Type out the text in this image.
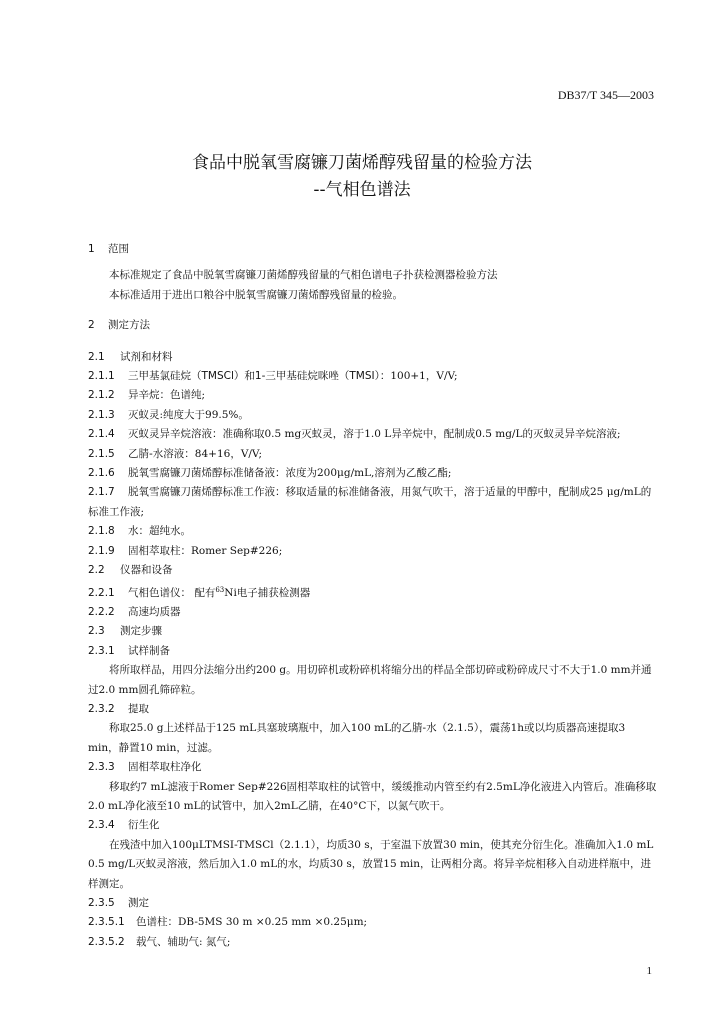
DB37/T 345—2003
食品中脱氧雪腐镰刀菌烯醇残留量的检验方法
--气相色谱法
1 范围
本标准规定了食品中脱氧雪腐镰刀菌烯醇残留量的气相色谱电子扑获检测器检验方法
本标准适用于进出口粮谷中脱氧雪腐镰刀菌烯醇残留量的检验。
2 测定方法
2.1 试剂和材料
2.1.1 三甲基氯硅烷（TMSCl）和1-三甲基硅烷咪唑（TMSI）：100+1，V/V;
2.1.2 异辛烷：色谱纯;
2.1.3 灭蚁灵:纯度大于99.5%。
2.1.4 灭蚁灵异辛烷溶液：准确称取0.5 mg灭蚁灵，溶于1.0 L异辛烷中，配制成0.5 mg/L的灭蚁灵异辛烷溶液;
2.1.5 乙腈-水溶液：84+16，V/V;
2.1.6 脱氧雪腐镰刀菌烯醇标准储备液：浓度为200μg/mL,溶剂为乙酸乙酯;
2.1.7 脱氧雪腐镰刀菌烯醇标准工作液：移取适量的标准储备液，用氮气吹干，溶于适量的甲醇中，配制成25 μg/mL的标准工作液;
2.1.8 水：超纯水。
2.1.9 固相萃取柱：Romer Sep#226;
2.2 仪器和设备
2.2.1 气相色谱仪： 配有$^{63}$Ni电子捕获检测器
2.2.2 高速均质器
2.3 测定步骤
2.3.1 试样制备
将所取样品，用四分法缩分出约200 g。用切碎机或粉碎机将缩分出的样品全部切碎或粉碎成尺寸不大于1.0 mm并通过2.0 mm圆孔筛碎粒。
2.3.2 提取
称取25.0 g上述样品于125 mL具塞玻璃瓶中，加入100 mL的乙腈-水（2.1.5），震荡1h或以均质器高速提取3 min，静置10 min，过滤。
2.3.3 固相萃取柱净化
移取约7 mL滤液于Romer Sep#226固相萃取柱的试管中，缓缓推动内管至约有2.5mL净化液进入内管后。准确移取2.0 mL净化液至10 mL的试管中，加入2mL乙腈，在40°C下，以氮气吹干。
2.3.4 衍生化
在残渣中加入100μLTMSI-TMSCl（2.1.1），均质30 s，于室温下放置30 min，使其充分衍生化。准确加入1.0 mL 0.5 mg/L灭蚁灵溶液，然后加入1.0 mL的水，均质30 s，放置15 min，让两相分离。将异辛烷相移入自动进样瓶中，进样测定。
2.3.5 测定
2.3.5.1 色谱柱：DB-5MS 30 m ×0.25 mm ×0.25μm;
2.3.5.2 载气、辅助气: 氮气;
1
